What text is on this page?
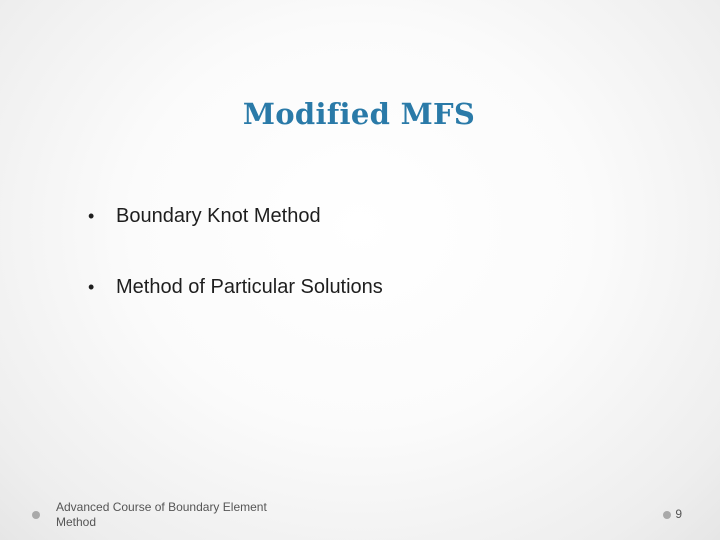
Modified MFS
• Boundary Knot Method
• Method of Particular Solutions
Advanced Course of Boundary Element
Method
9
